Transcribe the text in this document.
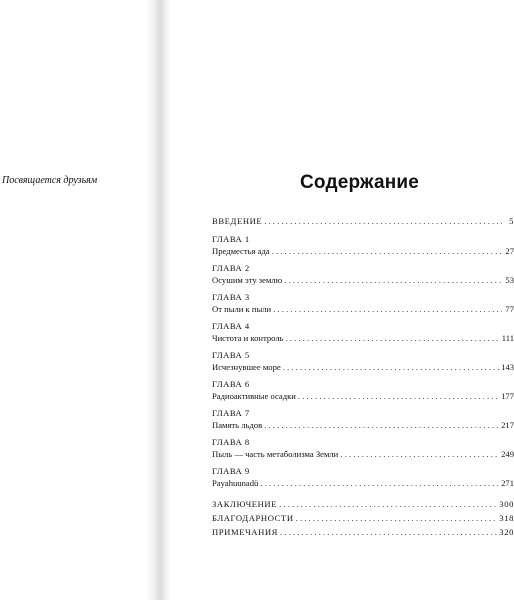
Посвящается друзьям	Содержание
ВВЕДЕНИЕ . . .	5
ГЛАВА 1
Предместья ада . . .	27
ГЛАВА 2
Осушим эту землю . . .	53
ГЛАВА 3
От пыли к пыли . . .	77
ГЛАВА 4
Чистота и контроль . . .	111
ГЛАВА 5
Исчезнувшее море . . .	143
ГЛАВА 6
Радиоактивные осадки . . .	177
ГЛАВА 7
Память льдов . . .	217
ГЛАВА 8
Пыль — часть метаболизма Земли . . .	249
ГЛАВА 9
Payahuunadü . . .	271
ЗАКЛЮЧЕНИЕ . . .	300
БЛАГОДАРНОСТИ . . .	318
ПРИМЕЧАНИЯ . . .	320
